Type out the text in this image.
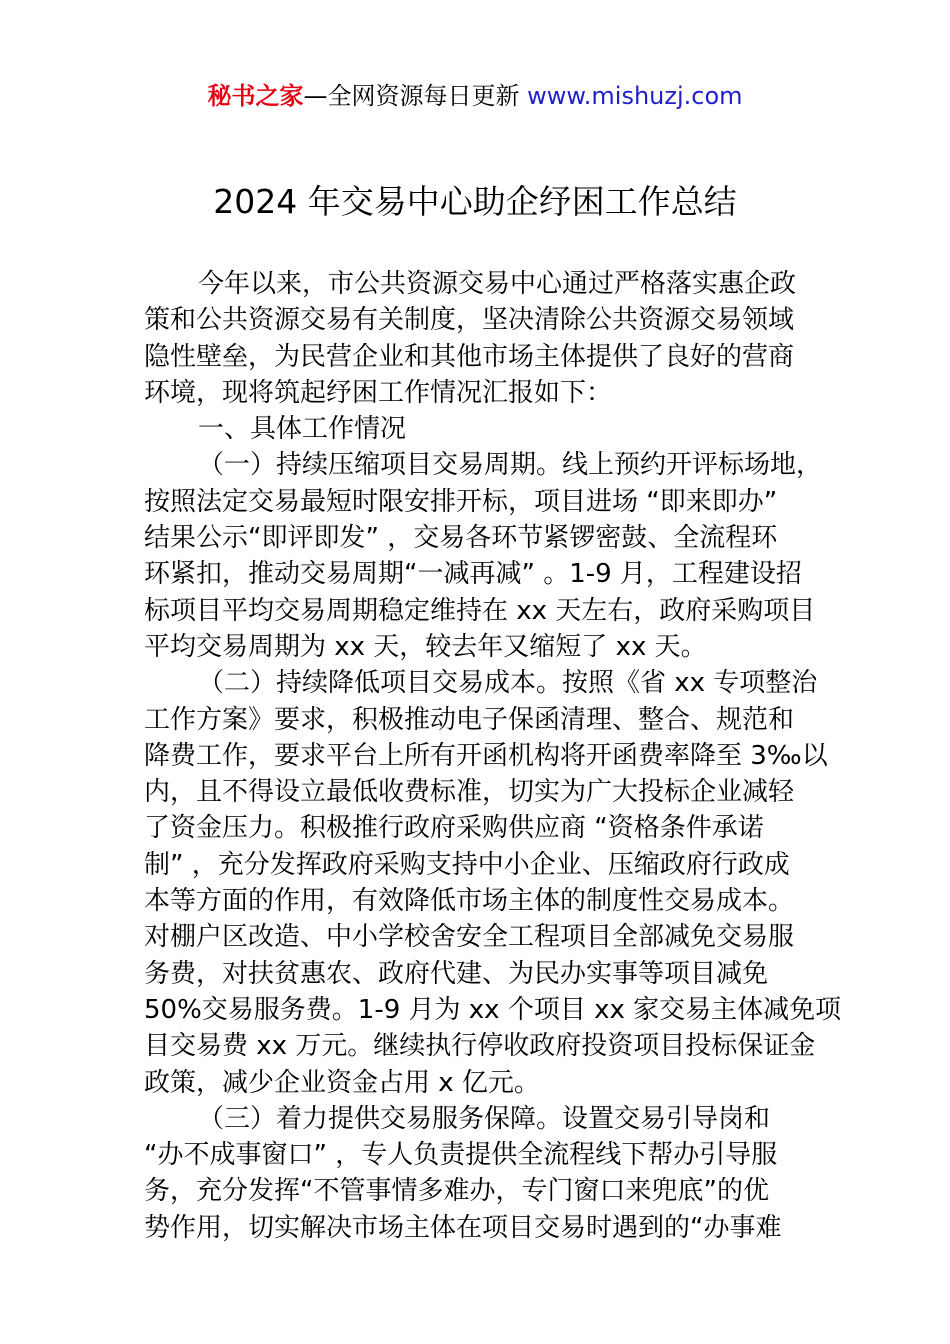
秘书之家—全网资源每日更新 www.mishuzj.com
2024 年交易中心助企纾困工作总结
今年以来，市公共资源交易中心通过严格落实惠企政
策和公共资源交易有关制度，坚决清除公共资源交易领域
隐性壁垒，为民营企业和其他市场主体提供了良好的营商
环境，现将筑起纾困工作情况汇报如下：
一、具体工作情况
（一）持续压缩项目交易周期。线上预约开评标场地，
按照法定交易最短时限安排开标，项目进场 “即来即办”
结果公示“即评即发” ，交易各环节紧锣密鼓、全流程环
环紧扣，推动交易周期“一减再减” 。1-9 月，工程建设招
标项目平均交易周期稳定维持在 xx 天左右，政府采购项目
平均交易周期为 xx 天，较去年又缩短了 xx 天。
（二）持续降低项目交易成本。按照《省 xx 专项整治
工作方案》要求，积极推动电子保函清理、整合、规范和
降费工作，要求平台上所有开函机构将开函费率降至 3‰以
内，且不得设立最低收费标准，切实为广大投标企业减轻
了资金压力。积极推行政府采购供应商 “资格条件承诺
制” ，充分发挥政府采购支持中小企业、压缩政府行政成
本等方面的作用，有效降低市场主体的制度性交易成本。
对棚户区改造、中小学校舍安全工程项目全部减免交易服
务费，对扶贫惠农、政府代建、为民办实事等项目减免
50%交易服务费。1-9 月为 xx 个项目 xx 家交易主体减免项
目交易费 xx 万元。继续执行停收政府投资项目投标保证金
政策，减少企业资金占用 x 亿元。
（三）着力提供交易服务保障。设置交易引导岗和
“办不成事窗口” ，专人负责提供全流程线下帮办引导服
务，充分发挥“不管事情多难办，专门窗口来兜底”的优
势作用，切实解决市场主体在项目交易时遇到的“办事难
